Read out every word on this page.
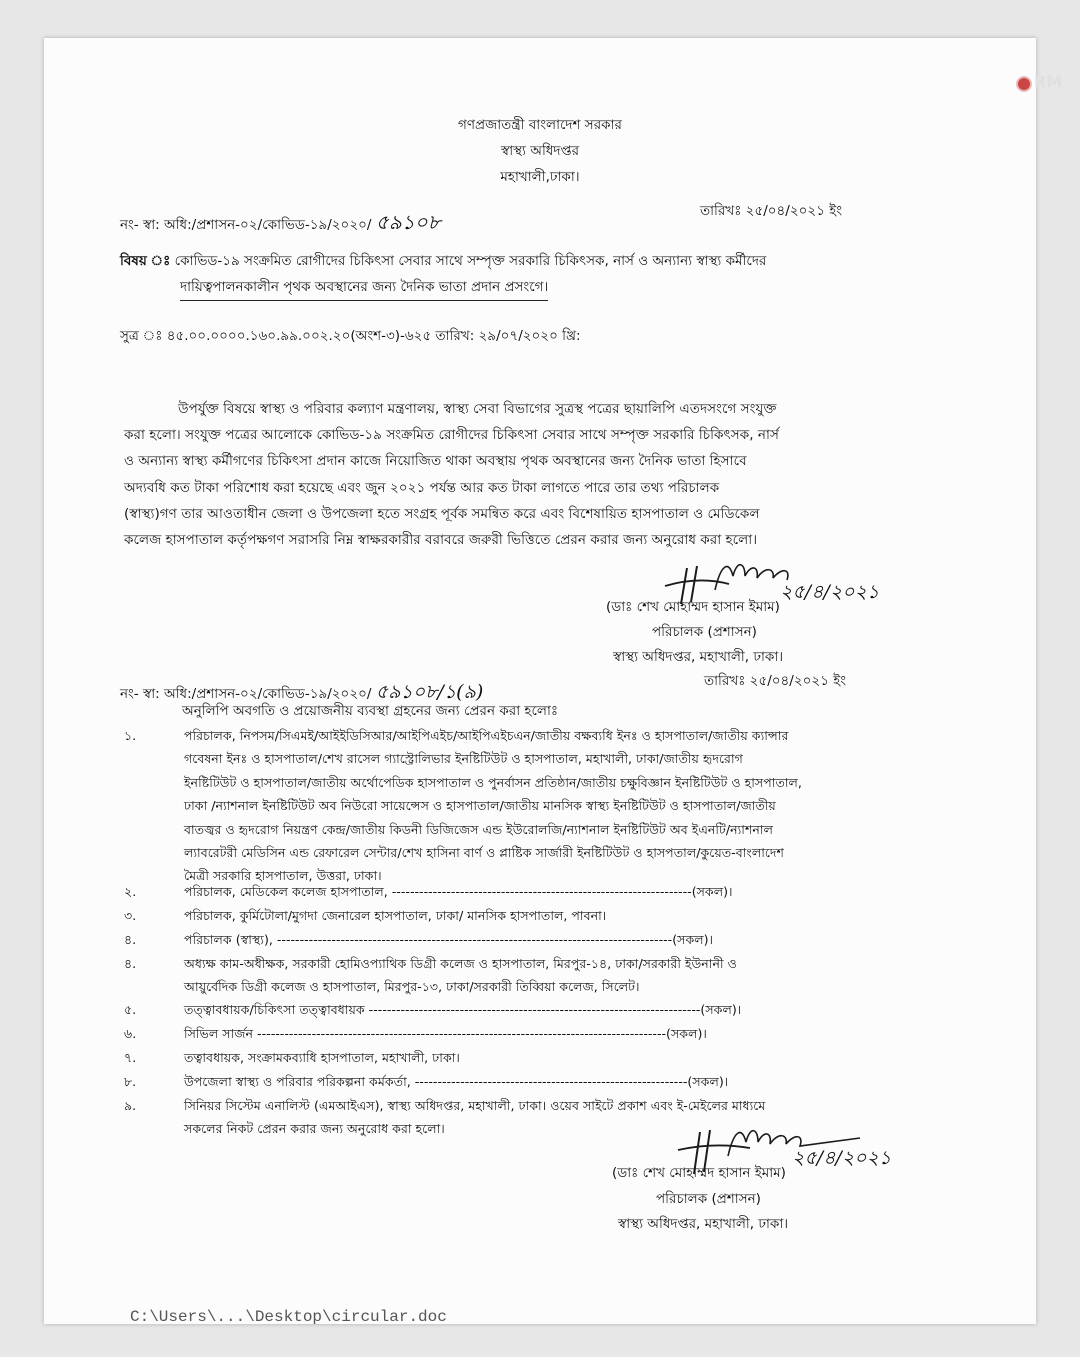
গণপ্রজাতন্ত্রী বাংলাদেশ সরকার
স্বাস্থ্য অধিদপ্তর
মহাখালী,ঢাকা।
নং- স্বা: অধি:/প্রশাসন-০২/কোভিড-১৯/২০২০/ ৫৯১০৮	তারিখঃ ২৫/০৪/২০২১ ইং
বিষয় ঃ কোভিড-১৯ সংক্রমিত রোগীদের চিকিৎসা সেবার সাথে সম্পৃক্ত সরকারি চিকিৎসক, নার্স ও অন্যান্য স্বাস্থ্য কর্মীদের
দায়িত্বপালনকালীন পৃথক অবস্থানের জন্য দৈনিক ভাতা প্রদান প্রসংগে।
সুত্র ঃ ৪৫.০০.০০০০.১৬০.৯৯.০০২.২০(অংশ-৩)-৬২৫ তারিখ: ২৯/০৭/২০২০ খ্রি:
উপর্যুক্ত বিষয়ে স্বাস্থ্য ও পরিবার কল্যাণ মন্ত্রণালয়, স্বাস্থ্য সেবা বিভাগের সুত্রস্থ পত্রের ছায়ালিপি এতদসংগে সংযুক্ত
করা হলো। সংযুক্ত পত্রের আলোকে কোভিড-১৯ সংক্রমিত রোগীদের চিকিৎসা সেবার সাথে সম্পৃক্ত সরকারি চিকিৎসক, নার্স
ও অন্যান্য স্বাস্থ্য কর্মীগণের চিকিৎসা প্রদান কাজে নিয়োজিত থাকা অবস্থায় পৃথক অবস্থানের জন্য দৈনিক ভাতা হিসাবে
অদ্যবধি কত টাকা পরিশোধ করা হয়েছে এবং জুন ২০২১ পর্যন্ত আর কত টাকা লাগতে পারে তার তথ্য পরিচালক
(স্বাস্থ্য)গণ তার আওতাধীন জেলা ও উপজেলা হতে সংগ্রহ পূর্বক সমন্বিত করে এবং বিশেষায়িত হাসপাতাল ও মেডিকেল
কলেজ হাসপাতাল কর্তৃপক্ষগণ সরাসরি নিম্ন স্বাক্ষরকারীর বরাবরে জরুরী ভিত্তিতে প্রেরন করার জন্য অনুরোধ করা হলো।
২৫/৪/২০২১
(ডাঃ শেখ মোহাম্মদ হাসান ইমাম)
পরিচালক (প্রশাসন)
স্বাস্থ্য অধিদপ্তর, মহাখালী, ঢাকা।
নং- স্বা: অধি:/প্রশাসন-০২/কোভিড-১৯/২০২০/ ৫৯১০৮/১(৯)	তারিখঃ ২৫/০৪/২০২১ ইং
অনুলিপি অবগতি ও প্রয়োজনীয় ব্যবস্থা গ্রহনের জন্য প্রেরন করা হলোঃ
১.	পরিচালক, নিপসম/সিএমই/আইইডিসিআর/আইপিএইচ/আইপিএইচএন/জাতীয় বক্ষব্যধি ইনঃ ও হাসপাতাল/জাতীয় ক্যান্সার
গবেষনা ইনঃ ও হাসপাতাল/শেখ রাসেল গ্যাস্ট্রোলিভার ইনষ্টিটিউট ও হাসপাতাল, মহাখালী, ঢাকা/জাতীয় হৃদরোগ
ইনষ্টিটিউট ও হাসপাতাল/জাতীয় অর্থোপেডিক হাসপাতাল ও পুনর্বাসন প্রতিষ্ঠান/জাতীয় চক্ষুবিজ্ঞান ইনষ্টিটিউট ও হাসপাতাল,
ঢাকা /ন্যাশনাল ইনষ্টিটিউট অব নিউরো সায়েন্সেস ও হাসপাতাল/জাতীয় মানসিক স্বাস্থ্য ইনষ্টিটিউট ও হাসপাতাল/জাতীয়
বাতজ্বর ও হৃদরোগ নিয়ন্ত্রণ কেন্দ্র/জাতীয় কিডনী ডিজিজেস এন্ড ইউরোলজি/ন্যাশনাল ইনষ্টিটিউট অব ইএনটি/ন্যাশনাল
ল্যাবরেটরী মেডিসিন এন্ড রেফারেল সেন্টার/শেখ হাসিনা বার্ণ ও প্লাষ্টিক সার্জারী ইনষ্টিটিউট ও হাসপতাল/কুয়েত-বাংলাদেশ
মৈত্রী সরকারি হাসপাতাল, উত্তরা, ঢাকা।
২.	পরিচালক, মেডিকেল কলেজ হাসপাতাল, ------------------------------------------------------------------(সকল)।
৩.	পরিচালক, কুর্মিটোলা/মুগদা জেনারেল হাসপাতাল, ঢাকা/ মানসিক হাসপাতাল, পাবনা।
৪.	পরিচালক (স্বাস্থ্য), ---------------------------------------------------------------------------------------(সকল)।
৪.	অধ্যক্ষ কাম-অধীক্ষক, সরকারী হোমিওপ্যাথিক ডিগ্রী কলেজ ও হাসপাতাল, মিরপুর-১৪, ঢাকা/সরকারী ইউনানী ও
আয়ুর্বেদিক ডিগ্রী কলেজ ও হাসপাতাল, মিরপুর-১৩, ঢাকা/সরকারী তিব্বিয়া কলেজ, সিলেট।
৫.	তত্ত্বাবধায়ক/চিকিৎসা তত্ত্বাবধায়ক -------------------------------------------------------------------------(সকল)।
৬.	সিভিল সার্জন ------------------------------------------------------------------------------------------(সকল)।
৭.	তত্বাবধায়ক, সংক্রামকব্যাধি হাসপাতাল, মহাখালী, ঢাকা।
৮.	উপজেলা স্বাস্থ্য ও পরিবার পরিকল্পনা কর্মকর্তা, ------------------------------------------------------------(সকল)।
৯.	সিনিয়র সিস্টেম এনালিস্ট (এমআইএস), স্বাস্থ্য অধিদপ্তর, মহাখালী, ঢাকা। ওয়েব সাইটে প্রকাশ এবং ই-মেইলের মাধ্যমে
সকলের নিকট প্রেরন করার জন্য অনুরোধ করা হলো।
২৫/৪/২০২১
(ডাঃ শেখ মোহাম্মদ হাসান ইমাম)
পরিচালক (প্রশাসন)
স্বাস্থ্য অধিদপ্তর, মহাখালী, ঢাকা।
C:\Users\...\Desktop\circular.doc
RM
